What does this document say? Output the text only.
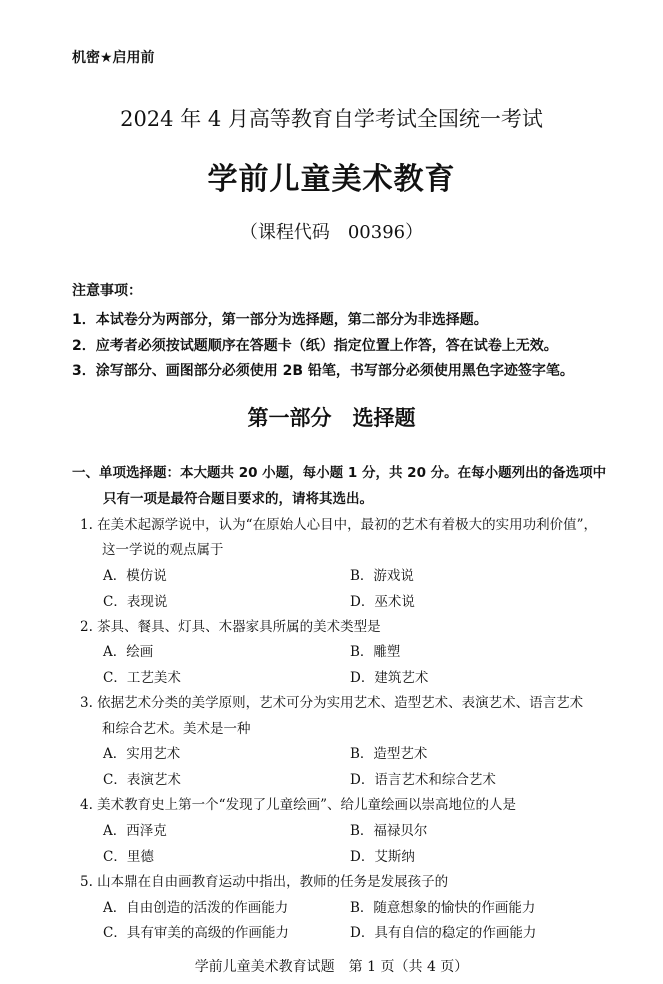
机密★启用前
2024 年 4 月高等教育自学考试全国统一考试
学前儿童美术教育
（课程代码　00396）
注意事项：
1．本试卷分为两部分，第一部分为选择题，第二部分为非选择题。
2．应考者必须按试题顺序在答题卡（纸）指定位置上作答，答在试卷上无效。
3．涂写部分、画图部分必须使用 2B 铅笔，书写部分必须使用黑色字迹签字笔。
第一部分　选择题
一、单项选择题：本大题共 20 小题，每小题 1 分，共 20 分。在每小题列出的备选项中
只有一项是最符合题目要求的，请将其选出。
1. 在美术起源学说中，认为“在原始人心目中，最初的艺术有着极大的实用功利价值”，
这一学说的观点属于
A．模仿说	B．游戏说
C．表现说	D．巫术说
2. 茶具、餐具、灯具、木器家具所属的美术类型是
A．绘画	B．雕塑
C．工艺美术	D．建筑艺术
3. 依据艺术分类的美学原则，艺术可分为实用艺术、造型艺术、表演艺术、语言艺术
和综合艺术。美术是一种
A．实用艺术	B．造型艺术
C．表演艺术	D．语言艺术和综合艺术
4. 美术教育史上第一个“发现了儿童绘画”、给儿童绘画以崇高地位的人是
A．西泽克	B．福禄贝尔
C．里德	D．艾斯纳
5. 山本鼎在自由画教育运动中指出，教师的任务是发展孩子的
A．自由创造的活泼的作画能力	B．随意想象的愉快的作画能力
C．具有审美的高级的作画能力	D．具有自信的稳定的作画能力
学前儿童美术教育试题　第 1 页（共 4 页）
